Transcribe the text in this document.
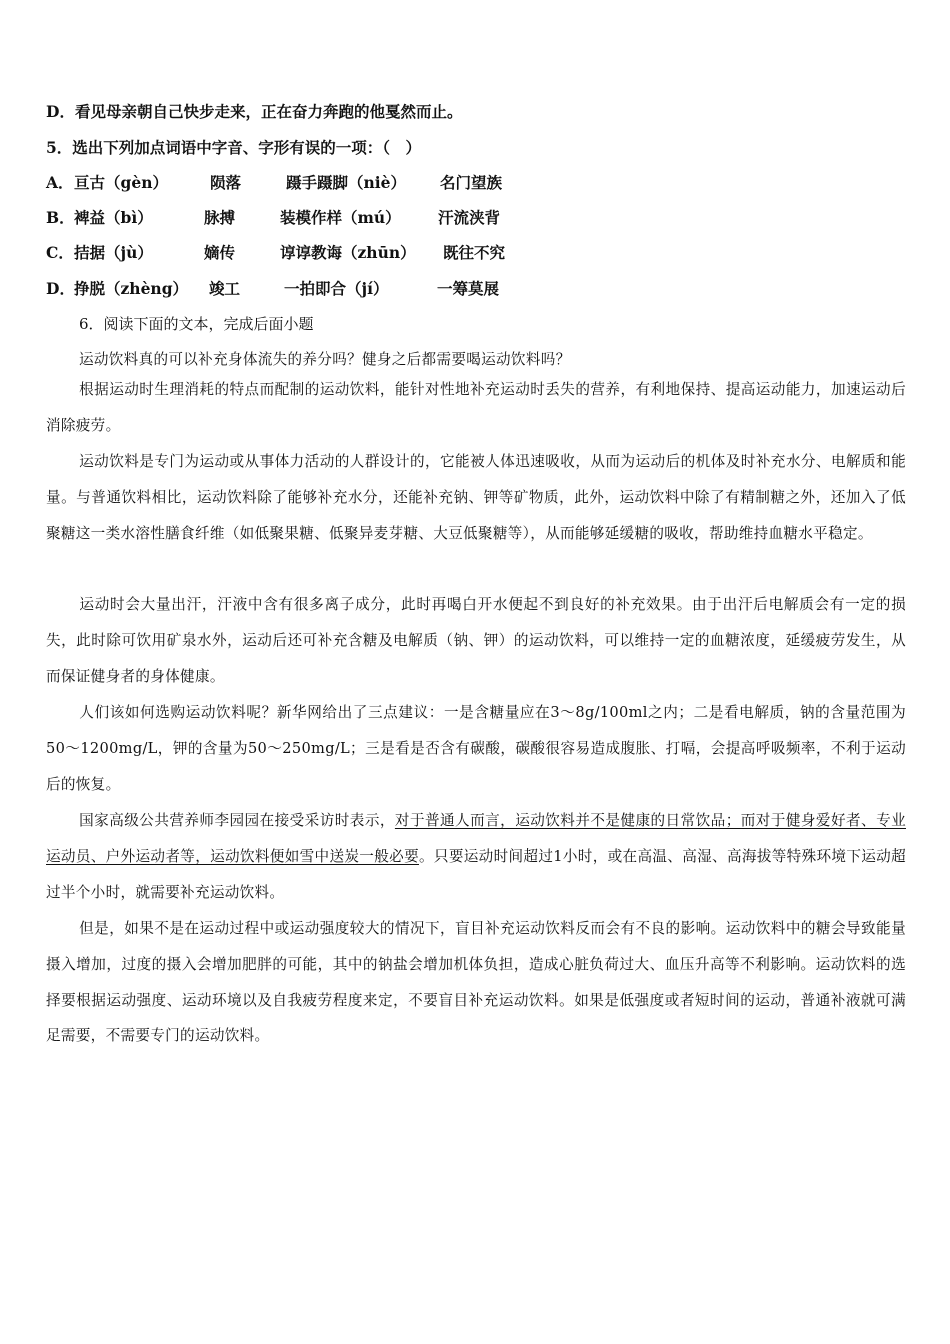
D．看见母亲朝自己快步走来，正在奋力奔跑的他戛然而止。
5．选出下列加点词语中字音、字形有误的一项：（　）
A． 亘古（gèn）	陨落	蹑手蹑脚（niè） 名门望族
B． 裨益（bì）	脉搏	装模作样（mú） 汗流浃背
C． 拮据（jù）	嫡传	谆谆教诲（zhūn） 既往不究
D． 挣脱（zhèng） 竣工	一拍即合（jí）	一筹莫展
6．阅读下面的文本，完成后面小题
运动饮料真的可以补充身体流失的养分吗？健身之后都需要喝运动饮料吗？
根据运动时生理消耗的特点而配制的运动饮料，能针对性地补充运动时丢失的营养，有利地保持、提高运动能力，加速运动后消除疲劳。
运动饮料是专门为运动或从事体力活动的人群设计的，它能被人体迅速吸收，从而为运动后的机体及时补充水分、电解质和能量。与普通饮料相比，运动饮料除了能够补充水分，还能补充钠、钾等矿物质，此外，运动饮料中除了有精制糖之外，还加入了低聚糖这一类水溶性膳食纤维（如低聚果糖、低聚异麦芽糖、大豆低聚糖等），从而能够延缓糖的吸收，帮助维持血糖水平稳定。
运动时会大量出汗，汗液中含有很多离子成分，此时再喝白开水便起不到良好的补充效果。由于出汗后电解质会有一定的损失，此时除可饮用矿泉水外，运动后还可补充含糖及电解质（钠、钾）的运动饮料，可以维持一定的血糖浓度，延缓疲劳发生，从而保证健身者的身体健康。
人们该如何选购运动饮料呢？新华网给出了三点建议：一是含糖量应在3～8g/100ml之内；二是看电解质，钠的含量范围为50～1200mg/L，钾的含量为50～250mg/L；三是看是否含有碳酸，碳酸很容易造成腹胀、打嗝，会提高呼吸频率，不利于运动后的恢复。
国家高级公共营养师李园园在接受采访时表示，对于普通人而言，运动饮料并不是健康的日常饮品；而对于健身爱好者、专业运动员、户外运动者等，运动饮料便如雪中送炭一般必要。只要运动时间超过1小时，或在高温、高湿、高海拔等特殊环境下运动超过半个小时，就需要补充运动饮料。
但是，如果不是在运动过程中或运动强度较大的情况下，盲目补充运动饮料反而会有不良的影响。运动饮料中的糖会导致能量摄入增加，过度的摄入会增加肥胖的可能，其中的钠盐会增加机体负担，造成心脏负荷过大、血压升高等不利影响。运动饮料的选择要根据运动强度、运动环境以及自我疲劳程度来定，不要盲目补充运动饮料。如果是低强度或者短时间的运动，普通补液就可满足需要，不需要专门的运动饮料。
